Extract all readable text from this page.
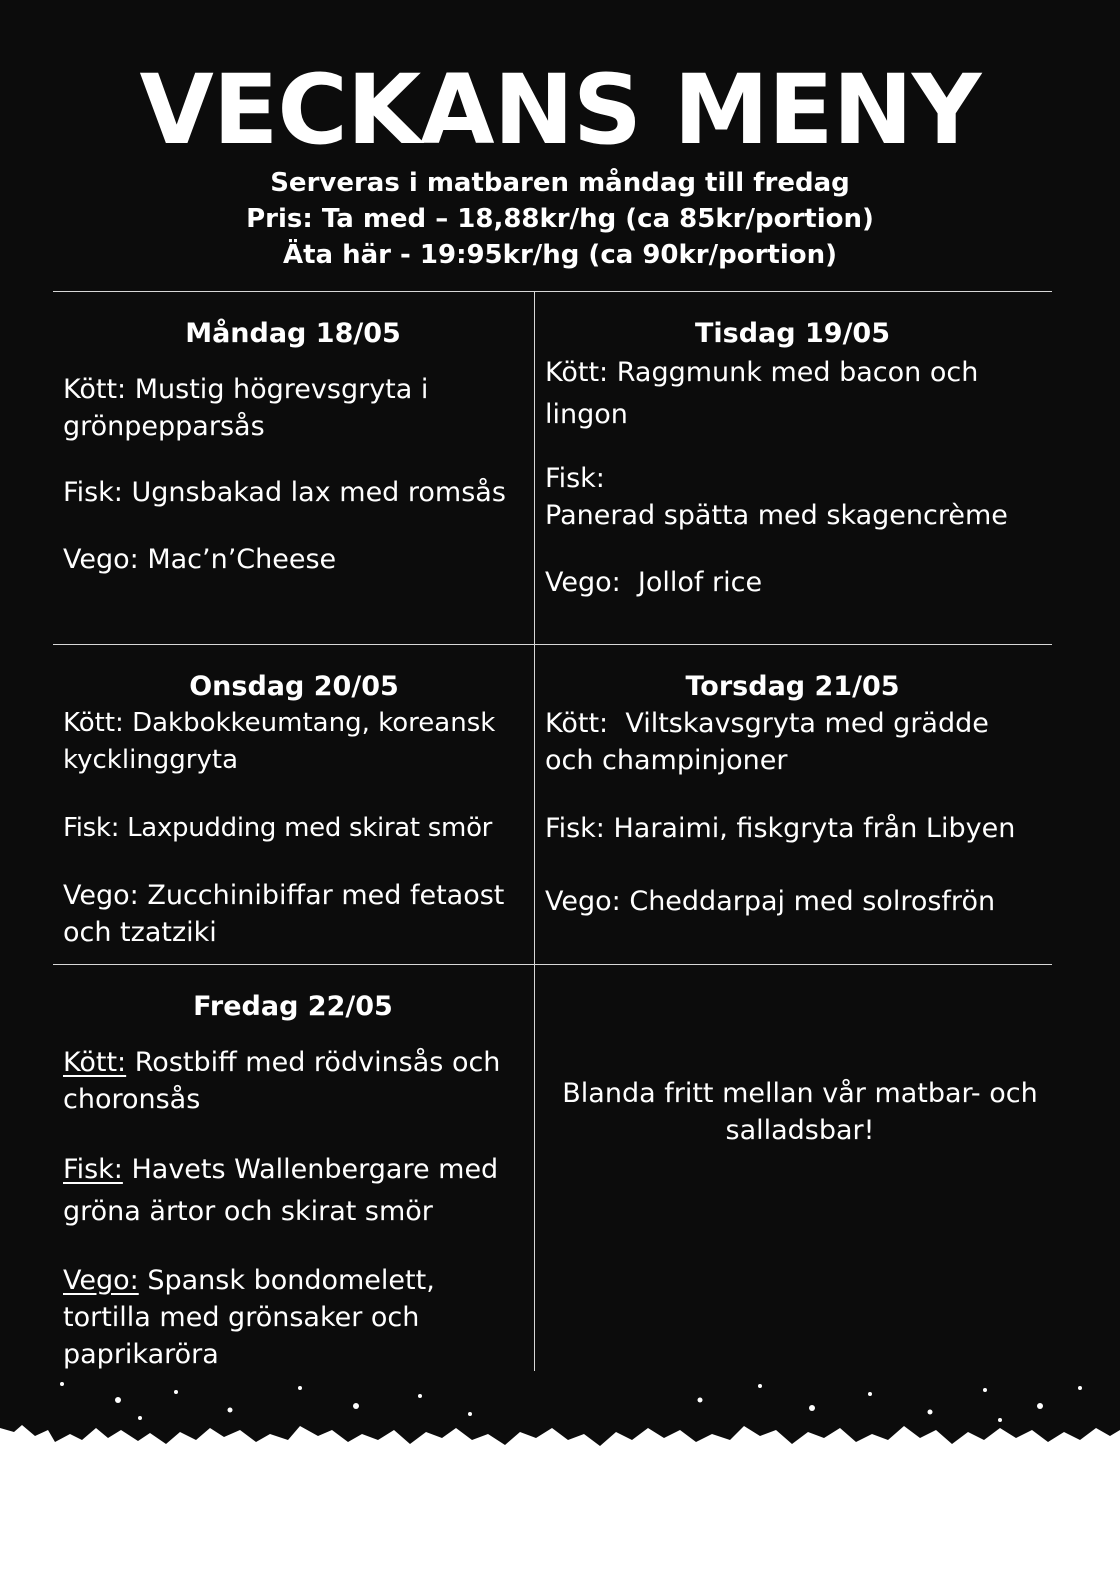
VECKANS MENY
Serveras i matbaren måndag till fredag
Pris: Ta med – 18,88kr/hg (ca 85kr/portion)
Äta här - 19:95kr/hg (ca 90kr/portion)
Måndag 18/05

Kött: Mustig högrevsgryta i grönpepparsås

Fisk: Ugnsbakad lax med romsås

Vego: Mac’n’Cheese

Tisdag 19/05

Kött: Raggmunk med bacon och lingon

Fisk:
Panerad spätta med skagencrème

Vego: Jollof rice

Onsdag 20/05

Kött: Dakbokkeumtang, koreansk kycklinggryta

Fisk: Laxpudding med skirat smör

Vego: Zucchinibiffar med fetaost och tzatziki

Torsdag 21/05

Kött: Viltskavsgryta med grädde och champinjoner

Fisk: Haraimi, fiskgryta från Libyen

Vego: Cheddarpaj med solrosfrön

Fredag 22/05

Kött: Rostbiff med rödvinsås och choronsås

Fisk: Havets Wallenbergare med gröna ärtor och skirat smör

Vego: Spansk bondomelett, tortilla med grönsaker och paprikaröra

Blanda fritt mellan vår matbar- och salladsbar!
